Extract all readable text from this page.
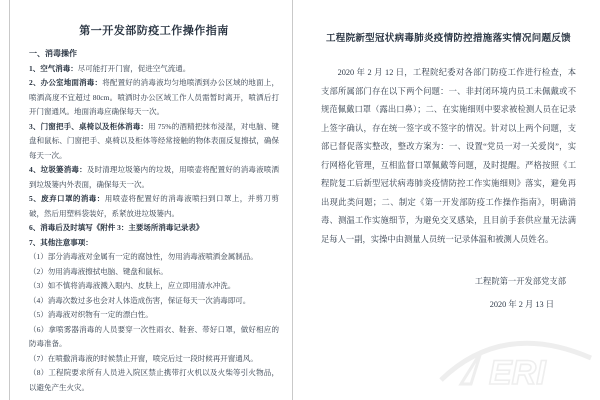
ERI

第一开发部防疫工作操作指南

一、消毒操作

1、空气消毒：尽可能打开门窗，促进空气流通。

2、办公室地面消毒：将配置好的消毒液均匀地喷洒到办公区域的地面上，喷洒高度不宜超过 80cm。喷洒时办公区域工作人员需暂时离开，喷洒后打开门窗通风。地面消毒应确保每天一次。

3、门窗把手、桌椅以及柜体消毒：用 75%的酒精把抹布浸湿，对电脑、键盘和鼠标、门窗把手、桌椅以及柜体等经常接触的物体表面反复擦拭，确保每天一次。

4、垃圾篓消毒：及时清理垃圾篓内的垃圾，用喷壶将配置好的消毒液喷洒到垃圾篓内外表面，确保每天一次。

5、废弃口罩的消毒：用喷壶将配置好的消毒液喷扫到口罩上，并剪刀剪破，然后用塑料袋装好，系紧放进垃圾篓内。

6、消毒后及时填写《附件 3：主要场所消毒记录表》

7、其他注意事项：

（1）部分消毒液对金属有一定的腐蚀性，勿用消毒液喷洒金属制品。

（2）勿用消毒液擦拭电脑、键盘和鼠标。

（3）如不慎将消毒液溅入眼内、皮肤上，应立即用清水冲洗。

（4）消毒次数过多也会对人体造成伤害，保证每天一次消毒即可。

（5）消毒液对织物有一定的漂白性。

（6）拿喷雾器消毒的人员要穿一次性雨衣、鞋套、带好口罩，做好相应的防毒准备。

（7）在喷撒消毒液的时候禁止开窗，喷完后过一段时候再开窗通风。

（8）工程院要求所有人员进入院区禁止携带打火机以及火柴等引火物品，以避免产生火灾。

工程院新型冠状病毒肺炎疫情防控措施落实情况问题反馈

2020 年 2 月 12 日，工程院纪委对各部门防疫工作进行检查，本支部所属部门存在以下两个问题：一、非封闭环境内员工未佩戴或不规范佩戴口罩（露出口鼻）；二、在实施细则中要求被检测人员在记录上签字确认，存在统一签字或不签字的情况。针对以上两个问题，支部已督促落实整改，整改方案为：一、设置“党员一对一关爱岗”，实行网格化管理，互相监督口罩佩戴等问题，及时提醒。严格按照《工程院复工后新型冠状病毒肺炎疫情防控工作实施细则》落实，避免再出现此类问题；二、制定《第一开发部防疫工作操作指南》，明确消毒、测温工作实施细节，为避免交叉感染，且目前手套供应量无法满足每人一副，实操中由测量人员统一记录体温和被测人员姓名。

工程院第一开发部党支部

2020 年 2 月 13 日
